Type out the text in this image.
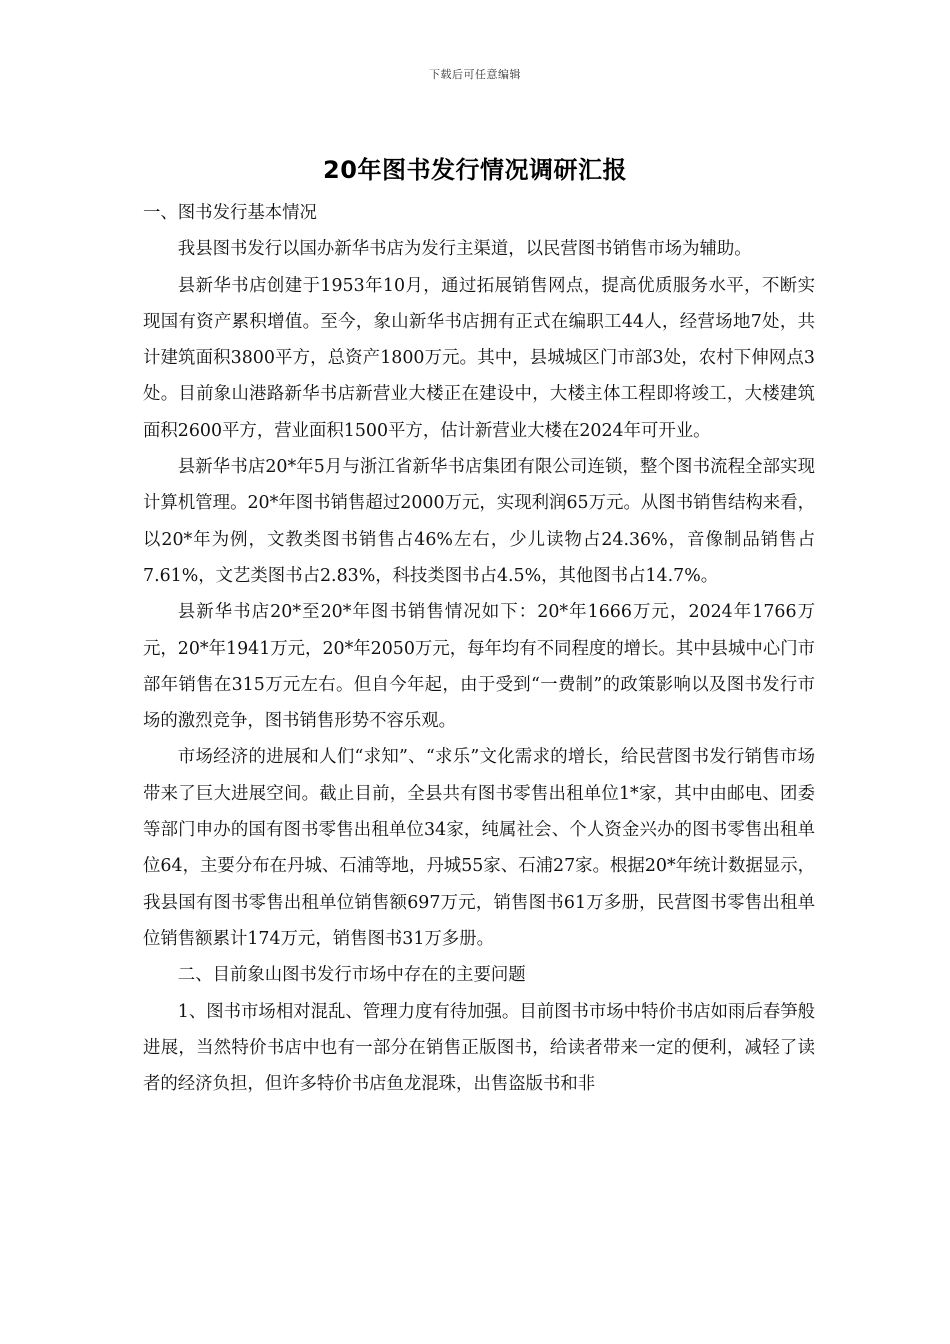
下载后可任意编辑
20年图书发行情况调研汇报

一、图书发行基本情况

我县图书发行以国办新华书店为发行主渠道，以民营图书销售市场为辅助。

县新华书店创建于1953年10月，通过拓展销售网点，提高优质服务水平，不断实现国有资产累积增值。至今，象山新华书店拥有正式在编职工44人，经营场地7处，共计建筑面积3800平方，总资产1800万元。其中，县城城区门市部3处，农村下伸网点3处。目前象山港路新华书店新营业大楼正在建设中，大楼主体工程即将竣工，大楼建筑面积2600平方，营业面积1500平方，估计新营业大楼在2024年可开业。

县新华书店20*年5月与浙江省新华书店集团有限公司连锁，整个图书流程全部实现计算机管理。20*年图书销售超过2000万元，实现利润65万元。从图书销售结构来看，以20*年为例，文教类图书销售占46%左右，少儿读物占24.36%，音像制品销售占7.61%，文艺类图书占2.83%，科技类图书占4.5%，其他图书占14.7%。

县新华书店20*至20*年图书销售情况如下：20*年1666万元，2024年1766万元，20*年1941万元，20*年2050万元，每年均有不同程度的增长。其中县城中心门市部年销售在315万元左右。但自今年起，由于受到“一费制”的政策影响以及图书发行市场的激烈竞争，图书销售形势不容乐观。

市场经济的进展和人们“求知”、“求乐”文化需求的增长，给民营图书发行销售市场带来了巨大进展空间。截止目前，全县共有图书零售出租单位1*家，其中由邮电、团委等部门申办的国有图书零售出租单位34家，纯属社会、个人资金兴办的图书零售出租单位64，主要分布在丹城、石浦等地，丹城55家、石浦27家。根据20*年统计数据显示，我县国有图书零售出租单位销售额697万元，销售图书61万多册，民营图书零售出租单位销售额累计174万元，销售图书31万多册。

二、目前象山图书发行市场中存在的主要问题

1、图书市场相对混乱、管理力度有待加强。目前图书市场中特价书店如雨后春笋般进展，当然特价书店中也有一部分在销售正版图书，给读者带来一定的便利，减轻了读者的经济负担，但许多特价书店鱼龙混珠，出售盗版书和非
